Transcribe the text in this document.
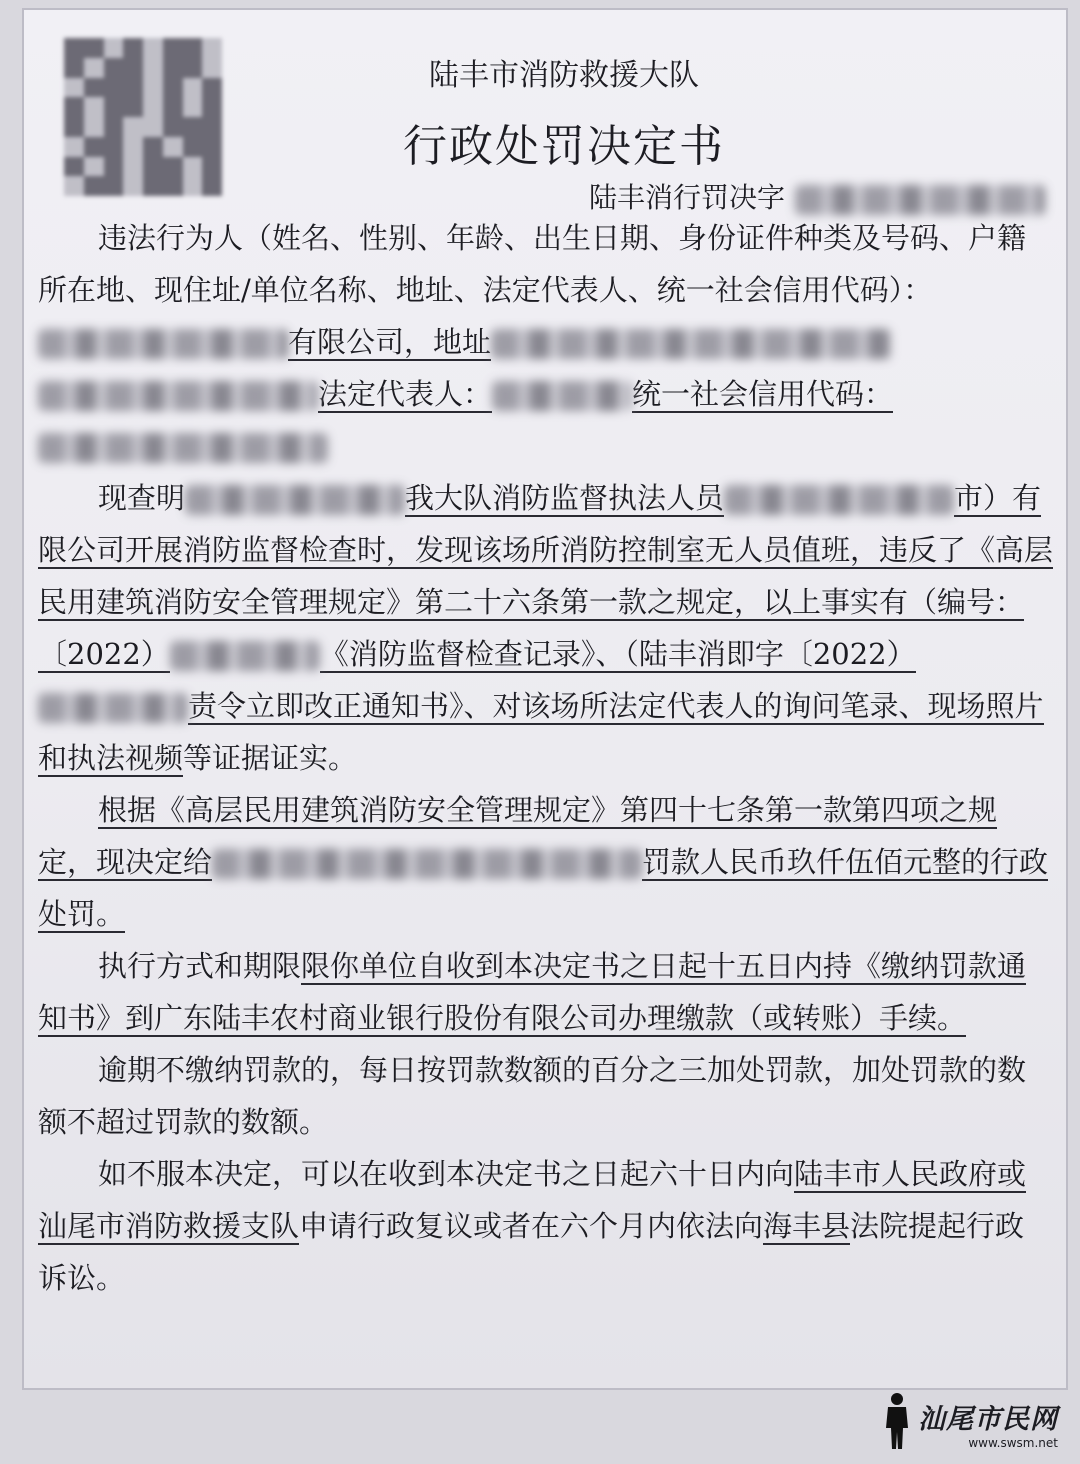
陆丰市消防救援大队
行政处罚决定书
陆丰消行罚决字

违法行为人（姓名、性别、年龄、出生日期、身份证件种类及号码、户籍所在地、现住址/单位名称、地址、法定代表人、统一社会信用代码）：有限公司，地址法定代表人：	统一社会信用代码：

现查明	我大队消防监督执法人员	市）有限公司开展消防监督检查时，发现该场所消防控制室无人员值班，违反了《高层民用建筑消防安全管理规定》第二十六条第一款之规定，以上事实有（编号：〔2022）	《消防监督检查记录》、（陆丰消即字〔2022）责令立即改正通知书》、对该场所法定代表人的询问笔录、现场照片和执法视频等证据证实。

根据《高层民用建筑消防安全管理规定》第四十七条第一款第四项之规定，现决定给	罚款人民币玖仟伍佰元整的行政处罚。

执行方式和期限限你单位自收到本决定书之日起十五日内持《缴纳罚款通知书》到广东陆丰农村商业银行股份有限公司办理缴款（或转账）手续。

逾期不缴纳罚款的，每日按罚款数额的百分之三加处罚款，加处罚款的数额不超过罚款的数额。

如不服本决定，可以在收到本决定书之日起六十日内向陆丰市人民政府或汕尾市消防救援支队申请行政复议或者在六个月内依法向海丰县法院提起行政诉讼。

汕尾市民网
www.swsm.net
